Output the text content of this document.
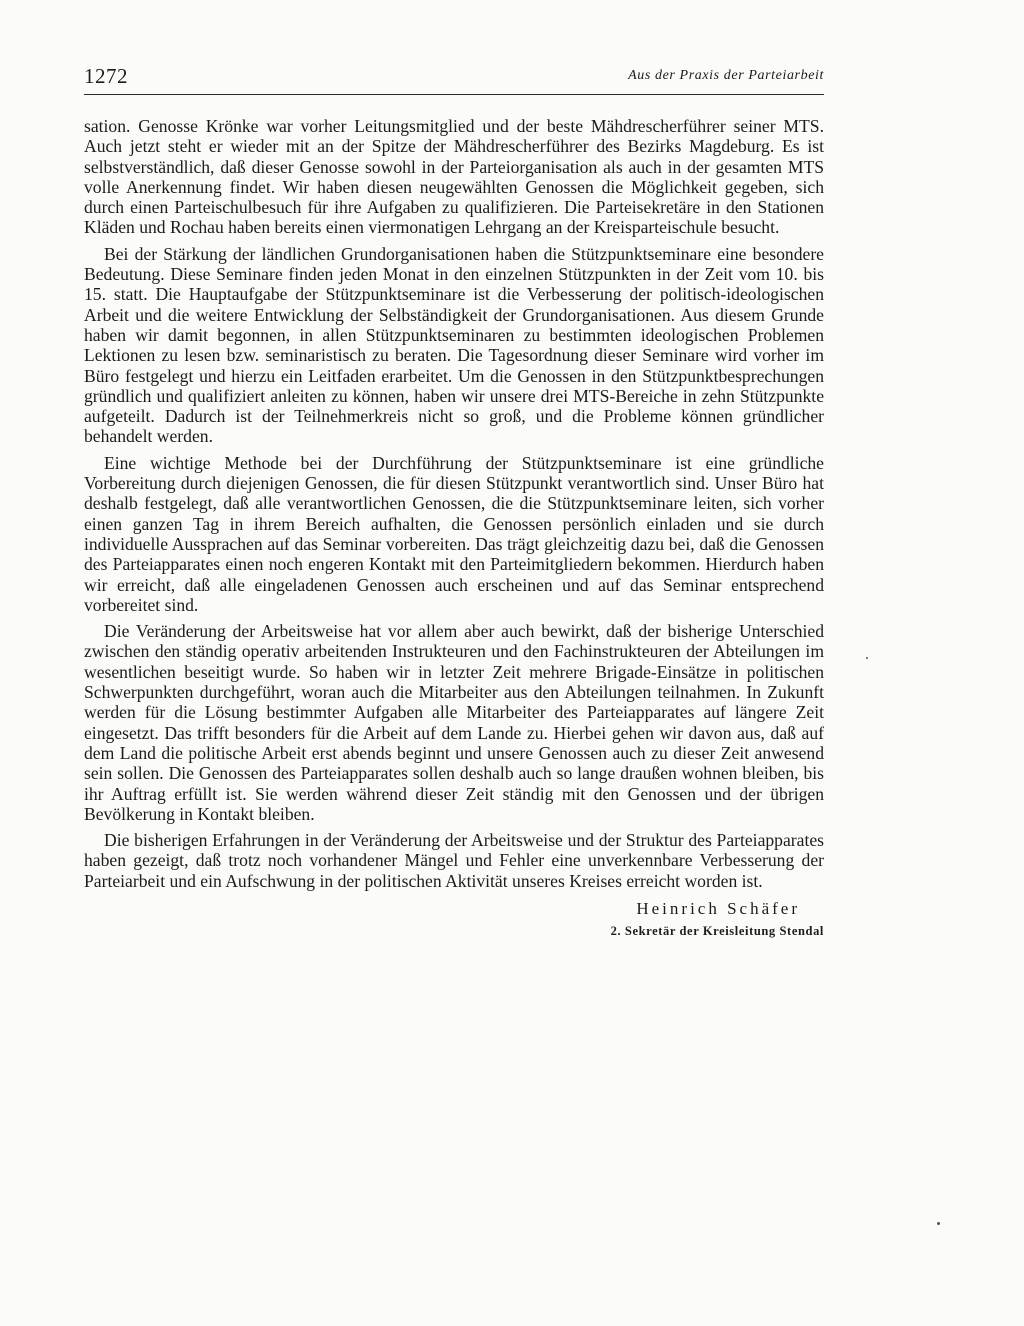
1272	Aus der Praxis der Parteiarbeit

sation. Genosse Krönke war vorher Leitungsmitglied und der beste Mähdrescherführer seiner MTS. Auch jetzt steht er wieder mit an der Spitze der Mähdrescherführer des Bezirks Magdeburg. Es ist selbstverständlich, daß dieser Genosse sowohl in der Parteiorganisation als auch in der gesamten MTS volle Anerkennung findet. Wir haben diesen neugewählten Genossen die Möglichkeit gegeben, sich durch einen Parteischulbesuch für ihre Aufgaben zu qualifizieren. Die Parteisekretäre in den Stationen Kläden und Rochau haben bereits einen viermonatigen Lehrgang an der Kreisparteischule besucht.

Bei der Stärkung der ländlichen Grundorganisationen haben die Stützpunktseminare eine besondere Bedeutung. Diese Seminare finden jeden Monat in den einzelnen Stützpunkten in der Zeit vom 10. bis 15. statt. Die Hauptaufgabe der Stützpunktseminare ist die Verbesserung der politisch-ideologischen Arbeit und die weitere Entwicklung der Selbständigkeit der Grundorganisationen. Aus diesem Grunde haben wir damit begonnen, in allen Stützpunktseminaren zu bestimmten ideologischen Problemen Lektionen zu lesen bzw. seminaristisch zu beraten. Die Tagesordnung dieser Seminare wird vorher im Büro festgelegt und hierzu ein Leitfaden erarbeitet. Um die Genossen in den Stützpunktbesprechungen gründlich und qualifiziert anleiten zu können, haben wir unsere drei MTS-Bereiche in zehn Stützpunkte aufgeteilt. Dadurch ist der Teilnehmerkreis nicht so groß, und die Probleme können gründlicher behandelt werden.

Eine wichtige Methode bei der Durchführung der Stützpunktseminare ist eine gründliche Vorbereitung durch diejenigen Genossen, die für diesen Stützpunkt verantwortlich sind. Unser Büro hat deshalb festgelegt, daß alle verantwortlichen Genossen, die die Stützpunktseminare leiten, sich vorher einen ganzen Tag in ihrem Bereich aufhalten, die Genossen persönlich einladen und sie durch individuelle Aussprachen auf das Seminar vorbereiten. Das trägt gleichzeitig dazu bei, daß die Genossen des Parteiapparates einen noch engeren Kontakt mit den Parteimitgliedern bekommen. Hierdurch haben wir erreicht, daß alle eingeladenen Genossen auch erscheinen und auf das Seminar entsprechend vorbereitet sind.

Die Veränderung der Arbeitsweise hat vor allem aber auch bewirkt, daß der bisherige Unterschied zwischen den ständig operativ arbeitenden Instrukteuren und den Fachinstrukteuren der Abteilungen im wesentlichen beseitigt wurde. So haben wir in letzter Zeit mehrere Brigade-Einsätze in politischen Schwerpunkten durchgeführt, woran auch die Mitarbeiter aus den Abteilungen teilnahmen. In Zukunft werden für die Lösung bestimmter Aufgaben alle Mitarbeiter des Parteiapparates auf längere Zeit eingesetzt. Das trifft besonders für die Arbeit auf dem Lande zu. Hierbei gehen wir davon aus, daß auf dem Land die politische Arbeit erst abends beginnt und unsere Genossen auch zu dieser Zeit anwesend sein sollen. Die Genossen des Parteiapparates sollen deshalb auch so lange draußen wohnen bleiben, bis ihr Auftrag erfüllt ist. Sie werden während dieser Zeit ständig mit den Genossen und der übrigen Bevölkerung in Kontakt bleiben.

Die bisherigen Erfahrungen in der Veränderung der Arbeitsweise und der Struktur des Parteiapparates haben gezeigt, daß trotz noch vorhandener Mängel und Fehler eine unverkennbare Verbesserung der Parteiarbeit und ein Aufschwung in der politischen Aktivität unseres Kreises erreicht worden ist.

Heinrich Schäfer
2. Sekretär der Kreisleitung Stendal
